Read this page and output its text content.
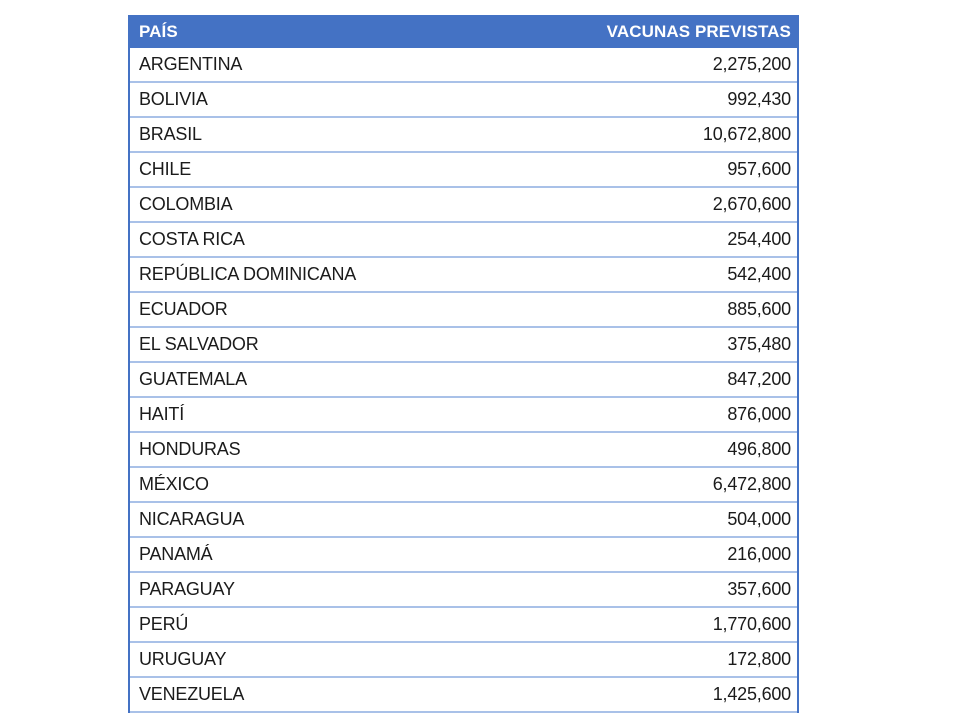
PAÍS	VACUNAS PREVISTAS
ARGENTINA	2,275,200
BOLIVIA	992,430
BRASIL	10,672,800
CHILE	957,600
COLOMBIA	2,670,600
COSTA RICA	254,400
REPÚBLICA DOMINICANA	542,400
ECUADOR	885,600
EL SALVADOR	375,480
GUATEMALA	847,200
HAITÍ	876,000
HONDURAS	496,800
MÉXICO	6,472,800
NICARAGUA	504,000
PANAMÁ	216,000
PARAGUAY	357,600
PERÚ	1,770,600
URUGUAY	172,800
VENEZUELA	1,425,600
